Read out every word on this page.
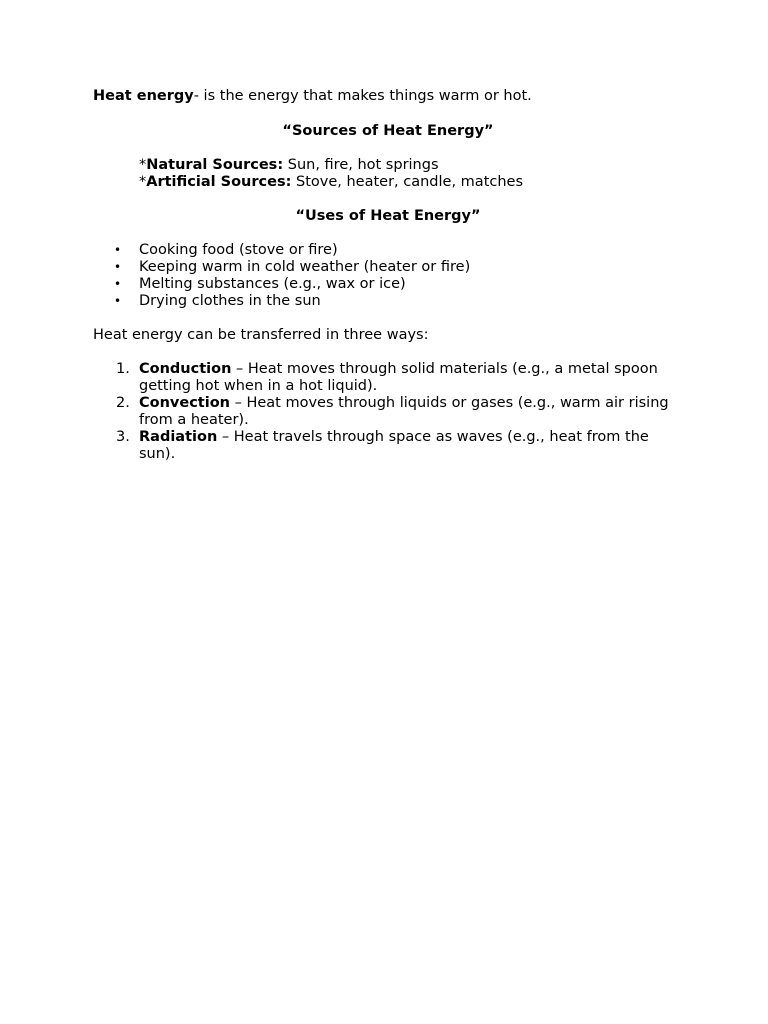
Heat energy- is the energy that makes things warm or hot.

“Sources of Heat Energy”

*Natural Sources: Sun, fire, hot springs

*Artificial Sources: Stove, heater, candle, matches

“Uses of Heat Energy”

• Cooking food (stove or fire)
• Keeping warm in cold weather (heater or fire)
• Melting substances (e.g., wax or ice)
• Drying clothes in the sun

Heat energy can be transferred in three ways:

1. Conduction – Heat moves through solid materials (e.g., a metal spoon getting hot when in a hot liquid).
2. Convection – Heat moves through liquids or gases (e.g., warm air rising from a heater).
3. Radiation – Heat travels through space as waves (e.g., heat from the sun).
